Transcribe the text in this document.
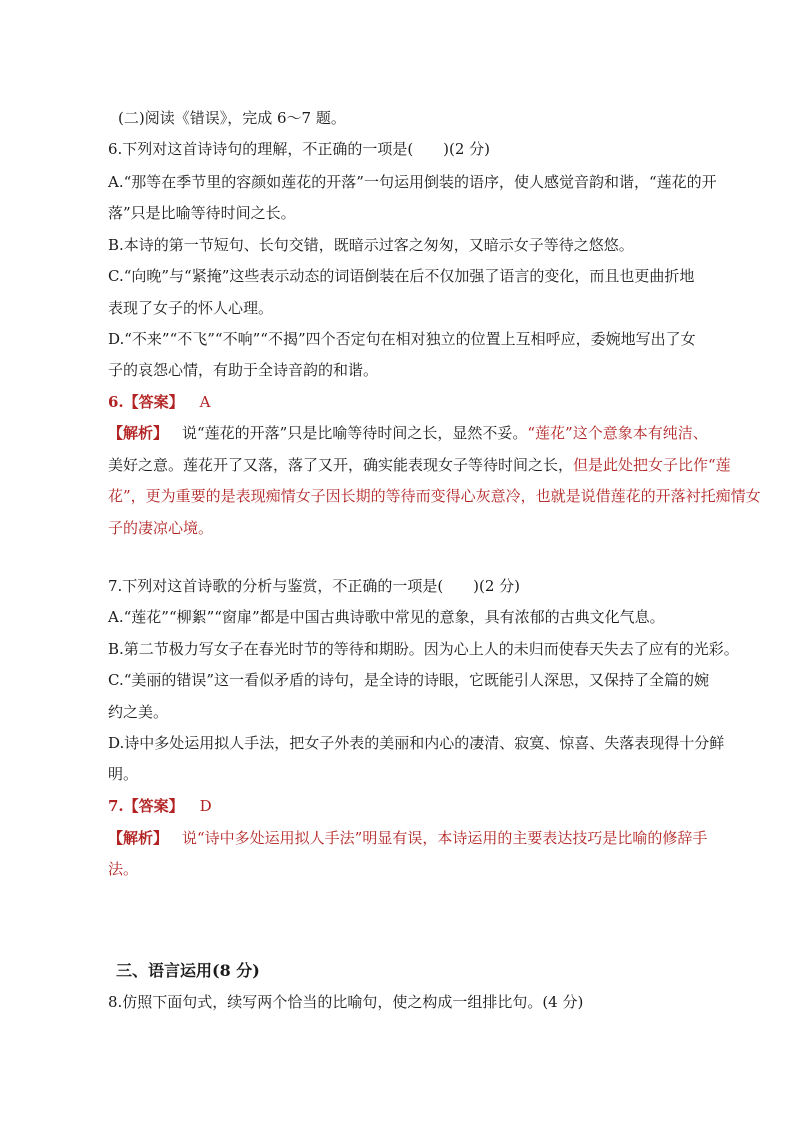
(二)阅读《错误》，完成 6～7 题。
6.下列对这首诗诗句的理解，不正确的一项是(　　)(2 分)
A.“那等在季节里的容颜如莲花的开落”一句运用倒装的语序，使人感觉音韵和谐，“莲花的开
落”只是比喻等待时间之长。
B.本诗的第一节短句、长句交错，既暗示过客之匆匆，又暗示女子等待之悠悠。
C.“向晚”与“紧掩”这些表示动态的词语倒装在后不仅加强了语言的变化，而且也更曲折地
表现了女子的怀人心理。
D.“不来”“不飞”“不响”“不揭”四个否定句在相对独立的位置上互相呼应，委婉地写出了女
子的哀怨心情，有助于全诗音韵的和谐。
6.【答案】 A
【解析】 说“莲花的开落”只是比喻等待时间之长，显然不妥。“莲花”这个意象本有纯洁、
美好之意。莲花开了又落，落了又开，确实能表现女子等待时间之长，但是此处把女子比作“莲
花”，更为重要的是表现痴情女子因长期的等待而变得心灰意冷，也就是说借莲花的开落衬托痴情女
子的凄凉心境。
7.下列对这首诗歌的分析与鉴赏，不正确的一项是(　　)(2 分)
A.“莲花”“柳絮”“窗扉”都是中国古典诗歌中常见的意象，具有浓郁的古典文化气息。
B.第二节极力写女子在春光时节的等待和期盼。因为心上人的未归而使春天失去了应有的光彩。
C.“美丽的错误”这一看似矛盾的诗句，是全诗的诗眼，它既能引人深思，又保持了全篇的婉
约之美。
D.诗中多处运用拟人手法，把女子外表的美丽和内心的凄清、寂寞、惊喜、失落表现得十分鲜
明。
7.【答案】 D
【解析】 说“诗中多处运用拟人手法”明显有误，本诗运用的主要表达技巧是比喻的修辞手
法。
三、语言运用(8 分)
8.仿照下面句式，续写两个恰当的比喻句，使之构成一组排比句。(4 分)
